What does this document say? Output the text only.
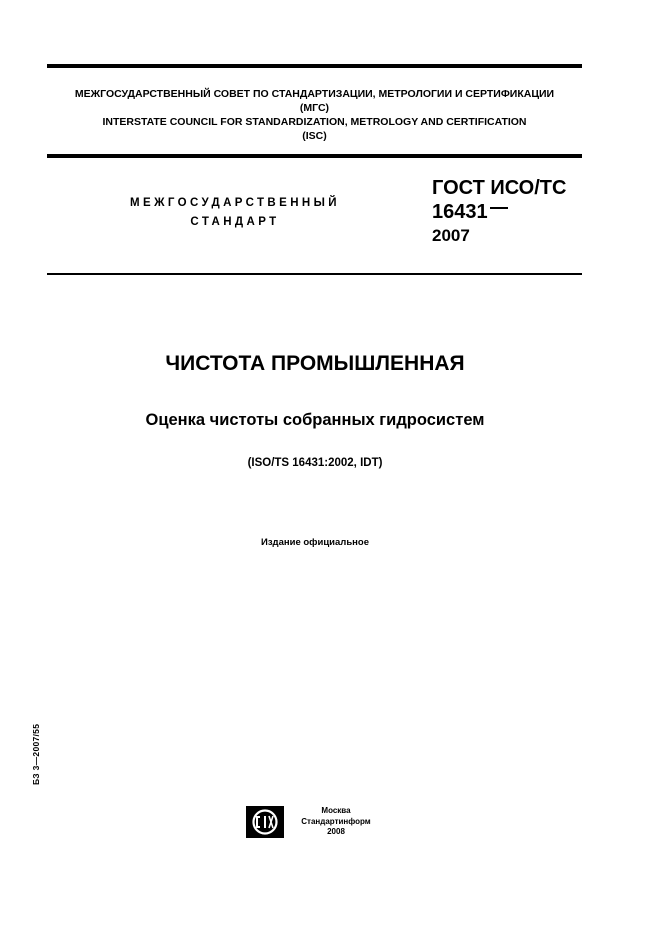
МЕЖГОСУДАРСТВЕННЫЙ СОВЕТ ПО СТАНДАРТИЗАЦИИ, МЕТРОЛОГИИ И СЕРТИФИКАЦИИ
(МГС)
INTERSTATE COUNCIL FOR STANDARDIZATION, METROLOGY AND CERTIFICATION
(ISC)
МЕЖГОСУДАРСТВЕННЫЙ
СТАНДАРТ
ГОСТ ИСО/ТС
16431
2007
ЧИСТОТА ПРОМЫШЛЕННАЯ
Оценка чистоты собранных гидросистем
(ISO/TS 16431:2002, IDT)
Издание официальное
БЗ 3—2007/55
Москва
Стандартинформ
2008
